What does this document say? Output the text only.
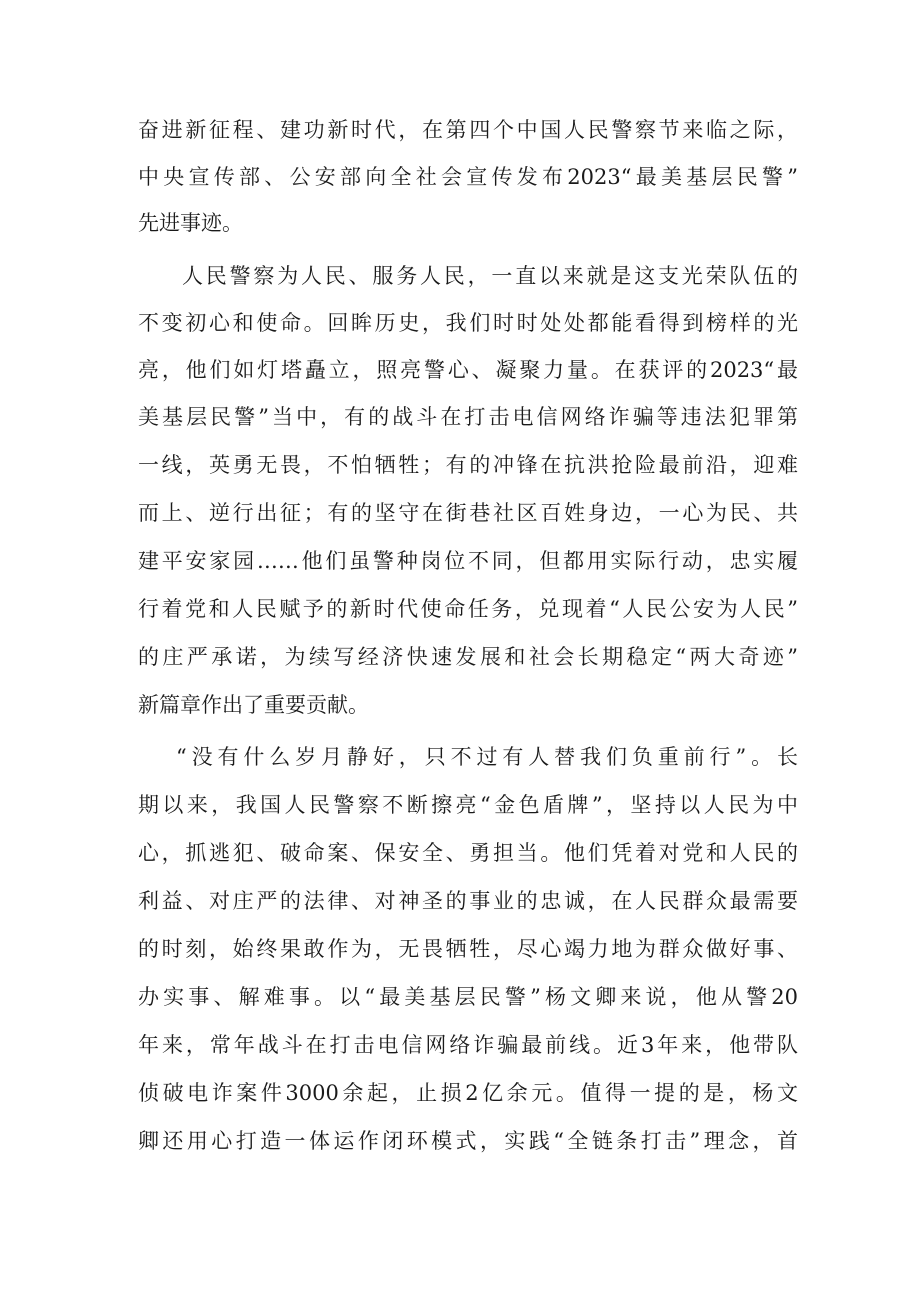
奋进新征程、建功新时代，在第四个中国人民警察节来临之际，
中央宣传部、公安部向全社会宣传发布2023“最美基层民警”
先进事迹。
人民警察为人民、服务人民，一直以来就是这支光荣队伍的
不变初心和使命。回眸历史，我们时时处处都能看得到榜样的光
亮，他们如灯塔矗立，照亮警心、凝聚力量。在获评的2023“最
美基层民警”当中，有的战斗在打击电信网络诈骗等违法犯罪第
一线，英勇无畏，不怕牺牲；有的冲锋在抗洪抢险最前沿，迎难
而上、逆行出征；有的坚守在街巷社区百姓身边，一心为民、共
建平安家园……他们虽警种岗位不同，但都用实际行动，忠实履
行着党和人民赋予的新时代使命任务，兑现着“人民公安为人民”
的庄严承诺，为续写经济快速发展和社会长期稳定“两大奇迹”
新篇章作出了重要贡献。
“没有什么岁月静好，只不过有人替我们负重前行”。长
期以来，我国人民警察不断擦亮“金色盾牌”，坚持以人民为中
心，抓逃犯、破命案、保安全、勇担当。他们凭着对党和人民的
利益、对庄严的法律、对神圣的事业的忠诚，在人民群众最需要
的时刻，始终果敢作为，无畏牺牲，尽心竭力地为群众做好事、
办实事、解难事。以“最美基层民警”杨文卿来说，他从警20
年来，常年战斗在打击电信网络诈骗最前线。近3年来，他带队
侦破电诈案件3000余起，止损2亿余元。值得一提的是，杨文
卿还用心打造一体运作闭环模式，实践“全链条打击”理念，首
